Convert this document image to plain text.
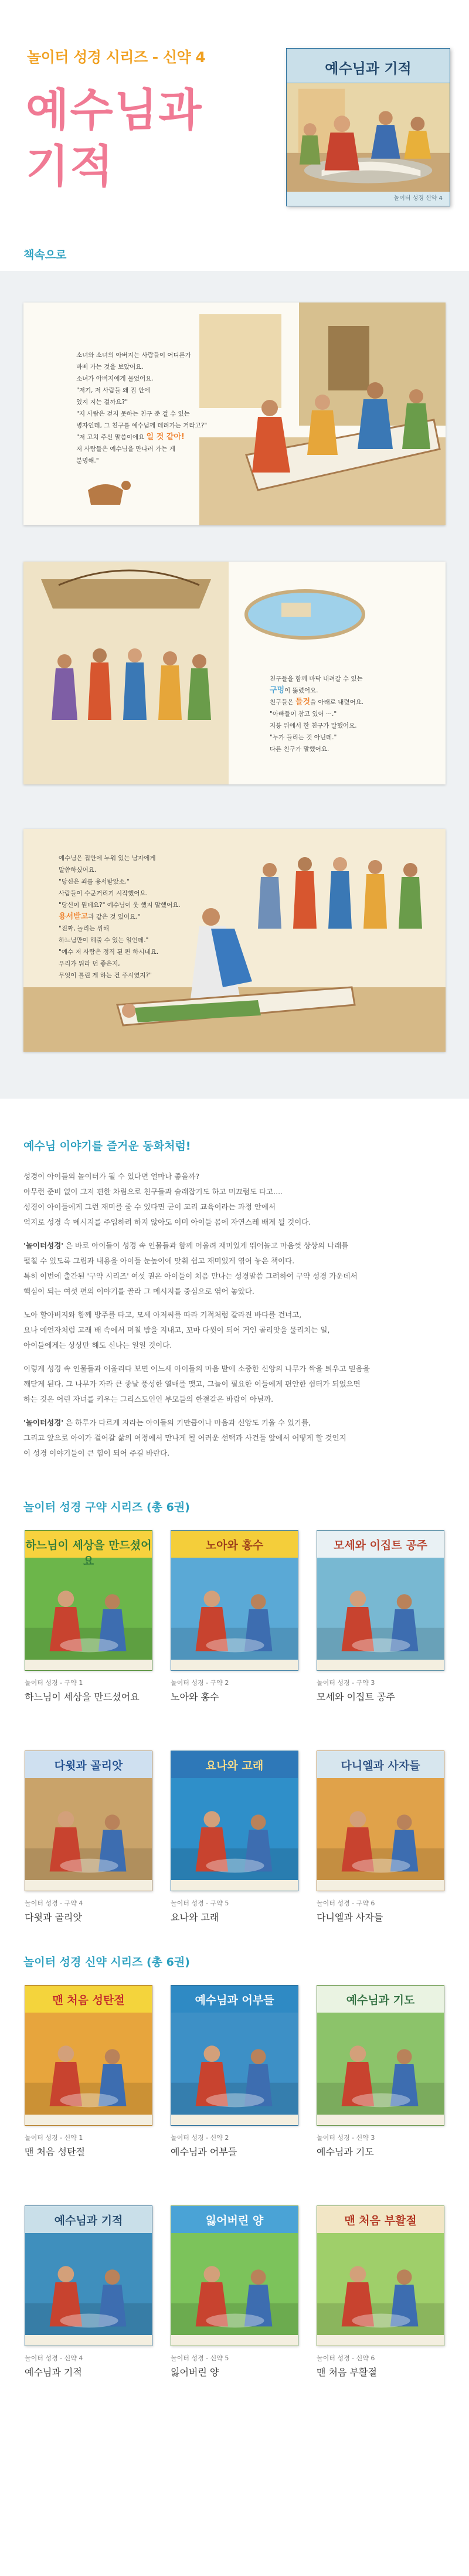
놀이터 성경 시리즈 - 신약 4
예수님과
기적
예수님과 기적
놀이터 성경 신약 4
책속으로
소녀와 소녀의 아버지는 사람들이 어디론가
바삐 가는 것을 보았어요.
소녀가 아버지에게 물었어요.
"저기, 저 사람들 왜 집 안에
있지 지는 걸까요?"
"저 사람은 걷지 못하는 친구 준 걸 수 있는
병자인데, 그 친구를 예수님께 데려가는 거라고?"
"저 고치 주신 말씀이에요 일 것 같아!
저 사람들은 예수님을 만나러 가는 게
분명해."
친구들을 함께 바닥 내려갈 수 있는
구멍이 뚫렸어요.
친구들은 들것을 아래로 내렸어요.
"아빠들이 참고 있어 ···."
지붕 위에서 한 친구가 말했어요.
"누가 들리는 것 아닌데."
다른 친구가 말했어요.
예수님은 집안에 누워 있는 남자에게
말씀하셨어요.
"당신은 죄를 용서받았소."
사람들이 수군거리기 시작했어요.
"당신이 뭔데요?" 예수님이 웃 했지 말했어요.
용서받고과 같은 것 있어요."
"진짜, 놀리는 위해
하느님만이 해줄 수 있는 일인데."
"예수 저 사람은 정직 된 편 하시네요.
우리가 뭐라 던 좋은지,
무엇이 틀린 게 하는 건 주시였지?"
예수님 이야기를 즐거운 동화처럼!
성경이 아이들의 놀이터가 될 수 있다면 얼마나 좋을까?
아무런 준비 없이 그저 편한 차림으로 친구들과 술래잡기도 하고 미끄럼도 타고....
성경이 아이들에게 그런 재미를 줄 수 있다면 굳이 교리 교육이라는 과정 안에서
억지로 성경 속 메시지를 주입하려 하지 않아도 이미 아이들 몸에 자연스레 배게 될 것이다.
'놀이터성경' 은 바로 아이들이 성경 속 인물들과 함께 어울려 재미있게 뛰어놀고 마음껏 상상의 나래를
펼칠 수 있도록 그림과 내용을 아이들 눈높이에 맞춰 쉽고 재미있게 엮어 놓은 책이다.
특히 이번에 출간된 '구약 시리즈' 여섯 권은 아이들이 처음 만나는 성경말씀 그려하여 구약 성경 가운데서
핵심이 되는 여섯 편의 이야기를 골라 그 메시지를 중심으로 엮어 놓았다.
노아 할아버지와 함께 방주를 타고, 모세 아저씨를 따라 기적처럼 갈라진 바다를 건너고,
요나 예언자처럼 고래 배 속에서 며칠 밤을 지내고, 꼬마 다윗이 되어 거인 골리앗을 물리치는 일,
아이들에게는 상상만 해도 신나는 일일 것이다.
이렇게 성경 속 인물들과 어울리다 보면 어느새 아이들의 마음 밭에 소중한 신앙의 나무가 싹을 틔우고 믿음을
깨닫게 된다. 그 나무가 자라 큰 좋날 풍성한 열매를 맺고, 그늘이 필요한 이들에게 편안한 쉼터가 되었으면
하는 것은 어린 자녀를 키우는 그리스도인인 부모들의 한결같은 바람이 아닐까.
'놀이터성경' 은 하루가 다르게 자라는 아이들의 키만큼이나 마음과 신앙도 키울 수 있기를,
그리고 앞으로 아이가 걸어갈 삶의 여정에서 만나게 될 어려운 선택과 사건들 앞에서 어떻게 할 것인지
이 성경 이야기들이 큰 힘이 되어 주길 바란다.
놀이터 성경 구약 시리즈 (총 6권)
하느님이 세상을 만드셨어요
놀이터 성경 - 구약 1
하느님이 세상을 만드셨어요
노아와 홍수
놀이터 성경 - 구약 2
노아와 홍수
모세와 이집트 공주
놀이터 성경 - 구약 3
모세와 이집트 공주
다윗과 골리앗
놀이터 성경 - 구약 4
다윗과 골리앗
요나와 고래
놀이터 성경 - 구약 5
요나와 고래
다니엘과 사자들
놀이터 성경 - 구약 6
다니엘과 사자들
놀이터 성경 신약 시리즈 (총 6권)
맨 처음 성탄절
놀이터 성경 - 신약 1
맨 처음 성탄절
예수님과 어부들
놀이터 성경 - 신약 2
예수님과 어부들
예수님과 기도
놀이터 성경 - 신약 3
예수님과 기도
예수님과 기적
놀이터 성경 - 신약 4
예수님과 기적
잃어버린 양
놀이터 성경 - 신약 5
잃어버린 양
맨 처음 부활절
놀이터 성경 - 신약 6
맨 처음 부활절
